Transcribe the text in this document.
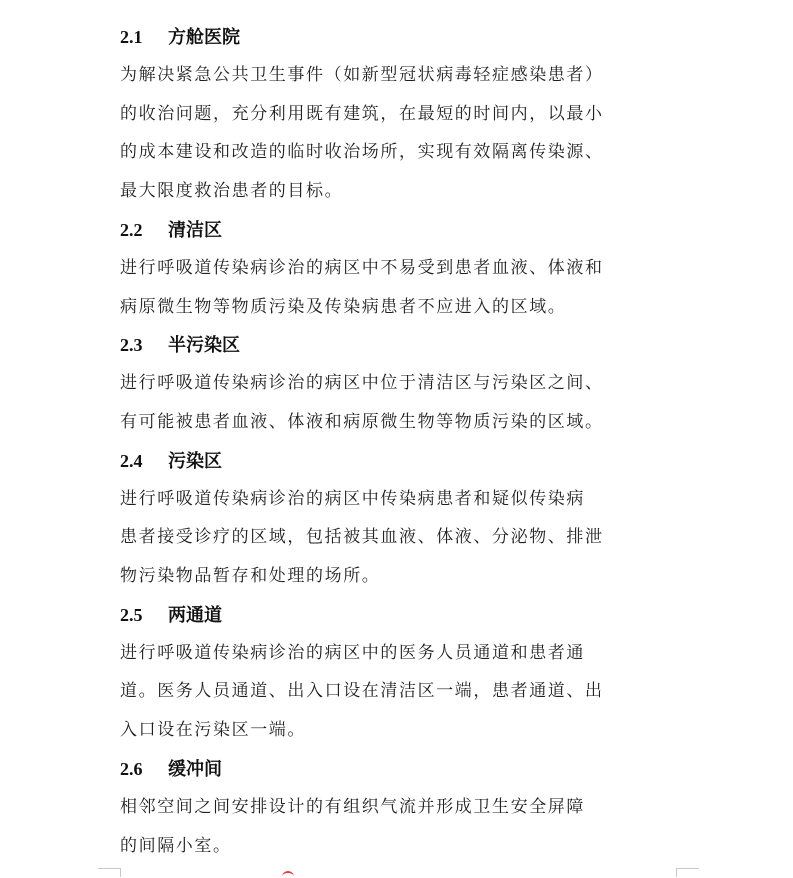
2.1 方舱医院
为解决紧急公共卫生事件（如新型冠状病毒轻症感染患者）
的收治问题，充分利用既有建筑，在最短的时间内，以最小
的成本建设和改造的临时收治场所，实现有效隔离传染源、
最大限度救治患者的目标。
2.2 清洁区
进行呼吸道传染病诊治的病区中不易受到患者血液、体液和
病原微生物等物质污染及传染病患者不应进入的区域。
2.3 半污染区
进行呼吸道传染病诊治的病区中位于清洁区与污染区之间、
有可能被患者血液、体液和病原微生物等物质污染的区域。
2.4 污染区
进行呼吸道传染病诊治的病区中传染病患者和疑似传染病
患者接受诊疗的区域，包括被其血液、体液、分泌物、排泄
物污染物品暂存和处理的场所。
2.5 两通道
进行呼吸道传染病诊治的病区中的医务人员通道和患者通
道。医务人员通道、出入口设在清洁区一端，患者通道、出
入口设在污染区一端。
2.6 缓冲间
相邻空间之间安排设计的有组织气流并形成卫生安全屏障
的间隔小室。
